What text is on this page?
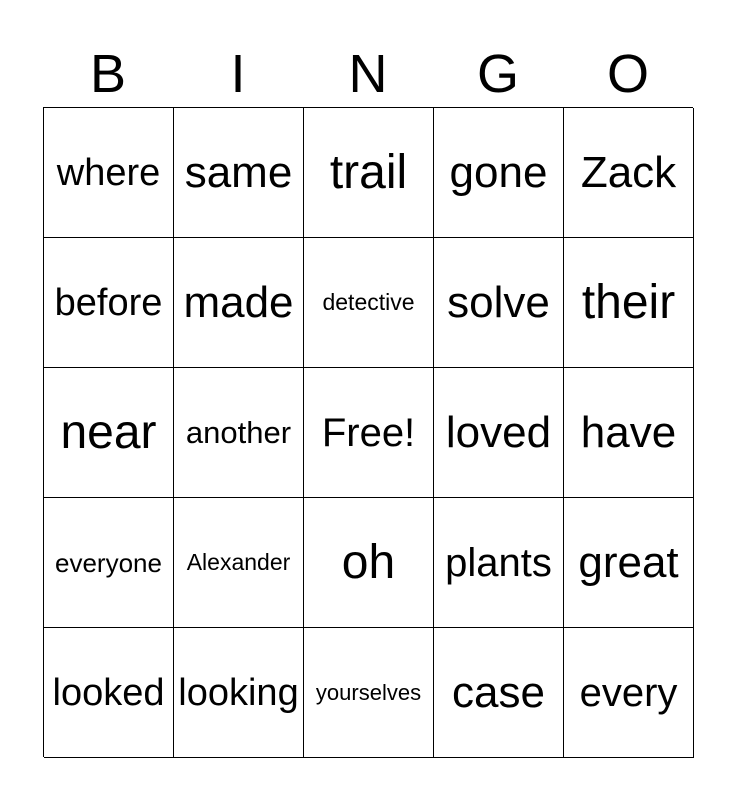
B	I	N	G	O
where same trail gone Zack
before made detective solve their
near another Free! loved have
everyone Alexander oh plants great
looked looking yourselves case every
